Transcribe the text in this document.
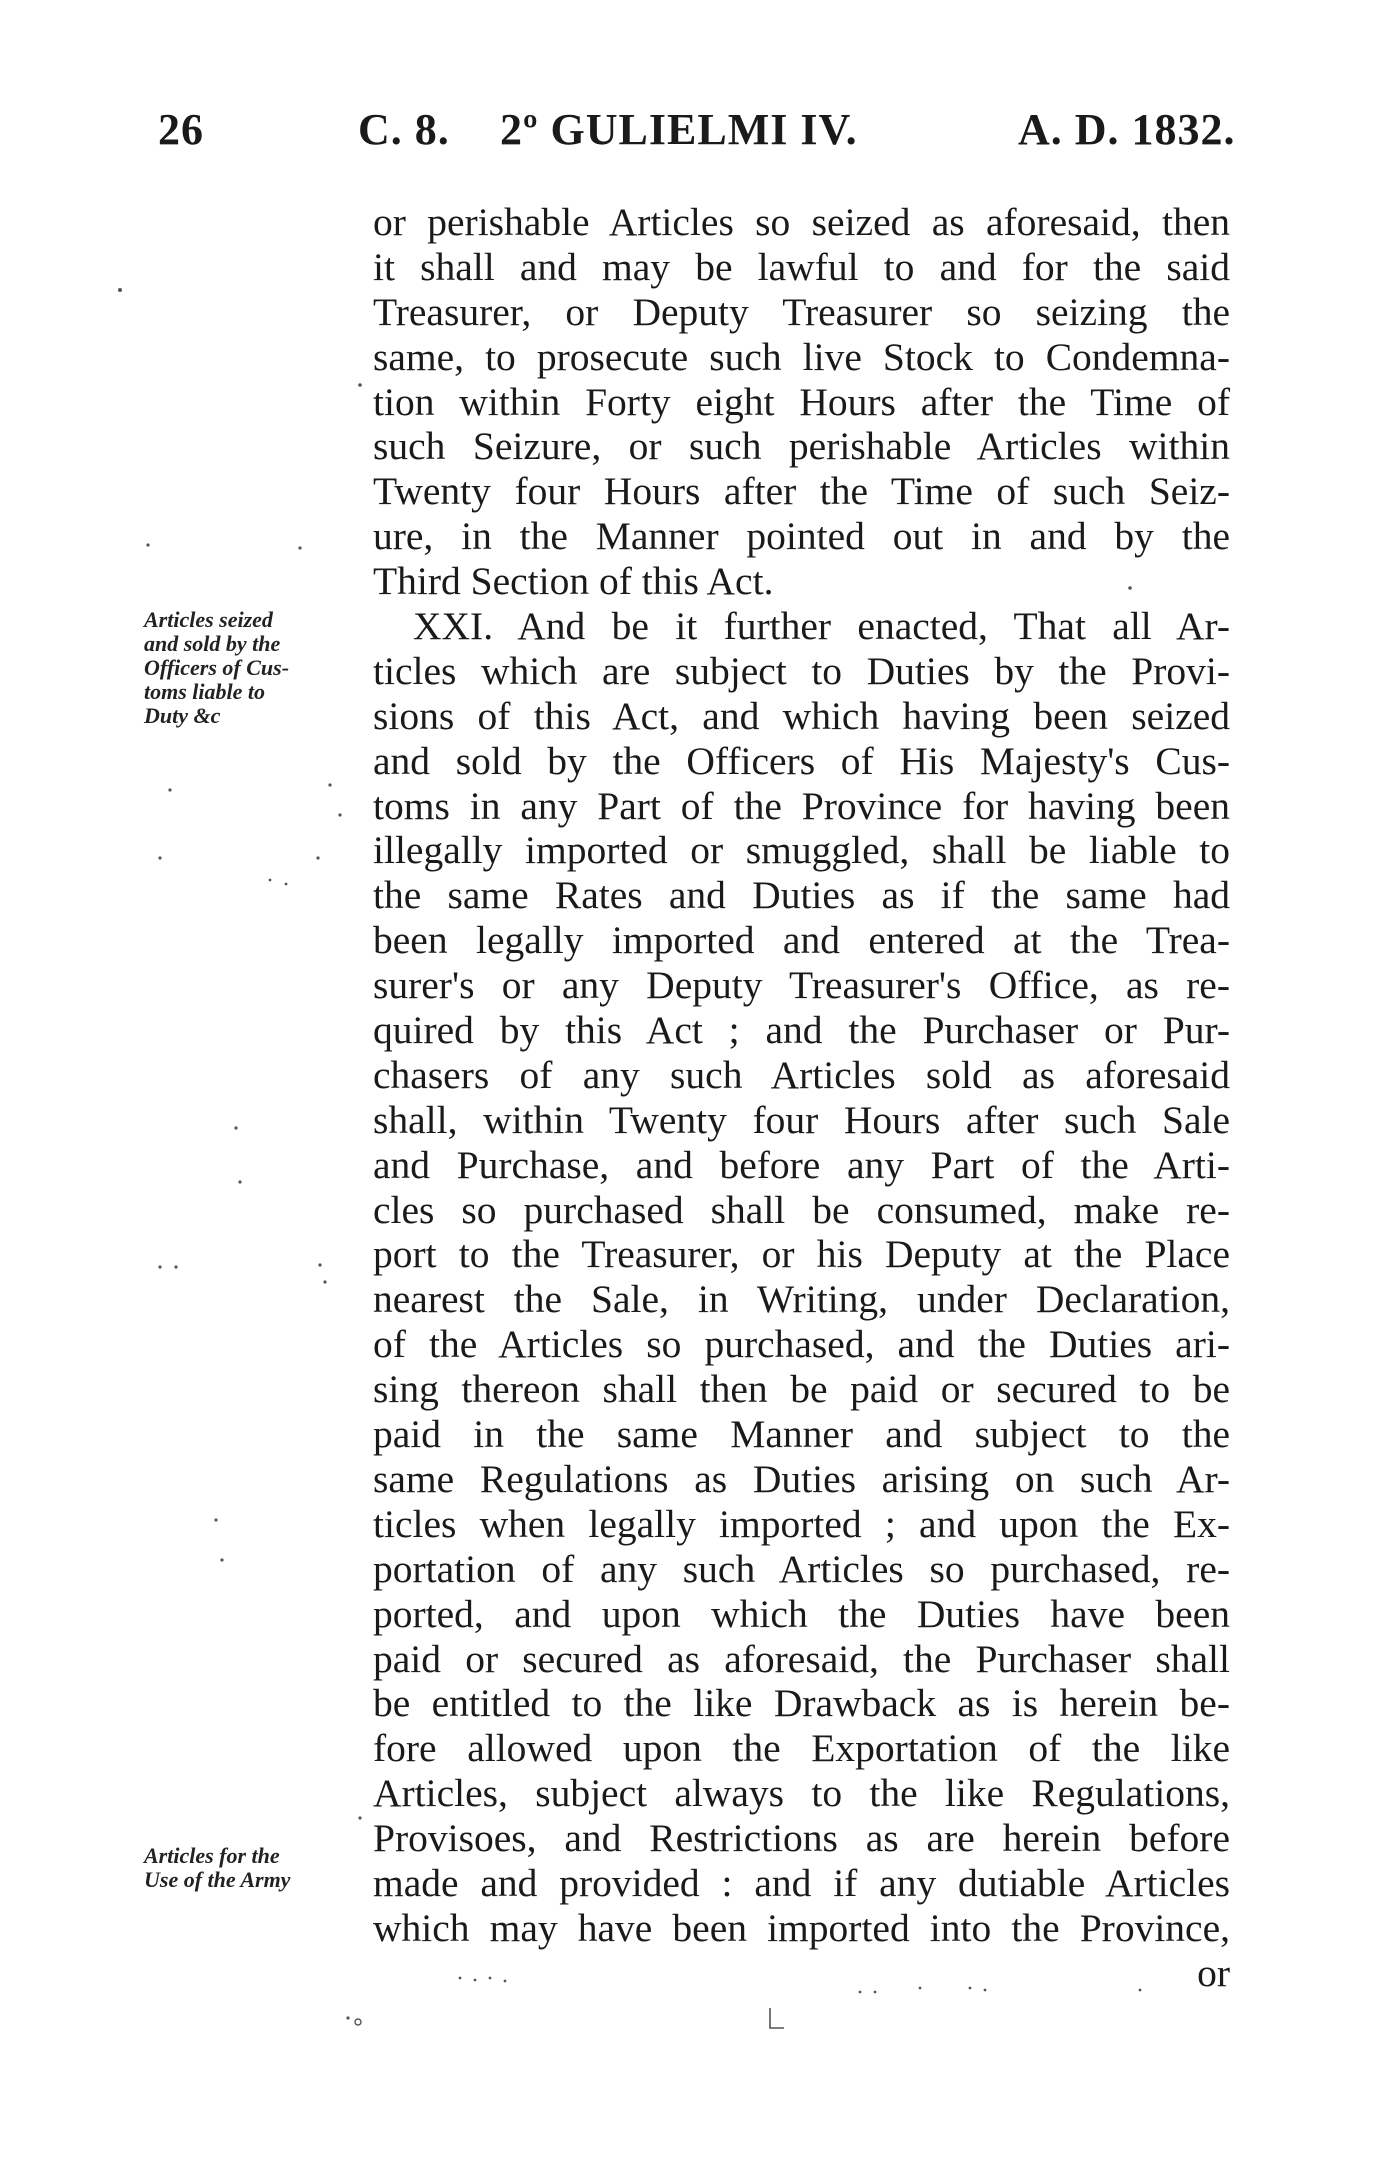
26	C. 8. 2º GULIELMI IV.	A. D. 1832.
Articles seized
and sold by the
Officers of Cus-
toms liable to
Duty &c
Articles for the
Use of the Army
or perishable Articles so seized as aforesaid, then
it shall and may be lawful to and for the said
Treasurer, or Deputy Treasurer so seizing the
same, to prosecute such live Stock to Condemna-
tion within Forty eight Hours after the Time of
such Seizure, or such perishable Articles within
Twenty four Hours after the Time of such Seiz-
ure, in the Manner pointed out in and by the
Third Section of this Act.
XXI. And be it further enacted, That all Ar-
ticles which are subject to Duties by the Provi-
sions of this Act, and which having been seized
and sold by the Officers of His Majesty's Cus-
toms in any Part of the Province for having been
illegally imported or smuggled, shall be liable to
the same Rates and Duties as if the same had
been legally imported and entered at the Trea-
surer's or any Deputy Treasurer's Office, as re-
quired by this Act ; and the Purchaser or Pur-
chasers of any such Articles sold as aforesaid
shall, within Twenty four Hours after such Sale
and Purchase, and before any Part of the Arti-
cles so purchased shall be consumed, make re-
port to the Treasurer, or his Deputy at the Place
nearest the Sale, in Writing, under Declaration,
of the Articles so purchased, and the Duties ari-
sing thereon shall then be paid or secured to be
paid in the same Manner and subject to the
same Regulations as Duties arising on such Ar-
ticles when legally imported ; and upon the Ex-
portation of any such Articles so purchased, re-
ported, and upon which the Duties have been
paid or secured as aforesaid, the Purchaser shall
be entitled to the like Drawback as is herein be-
fore allowed upon the Exportation of the like
Articles, subject always to the like Regulations,
Provisoes, and Restrictions as are herein before
made and provided : and if any dutiable Articles
which may have been imported into the Province,
or
